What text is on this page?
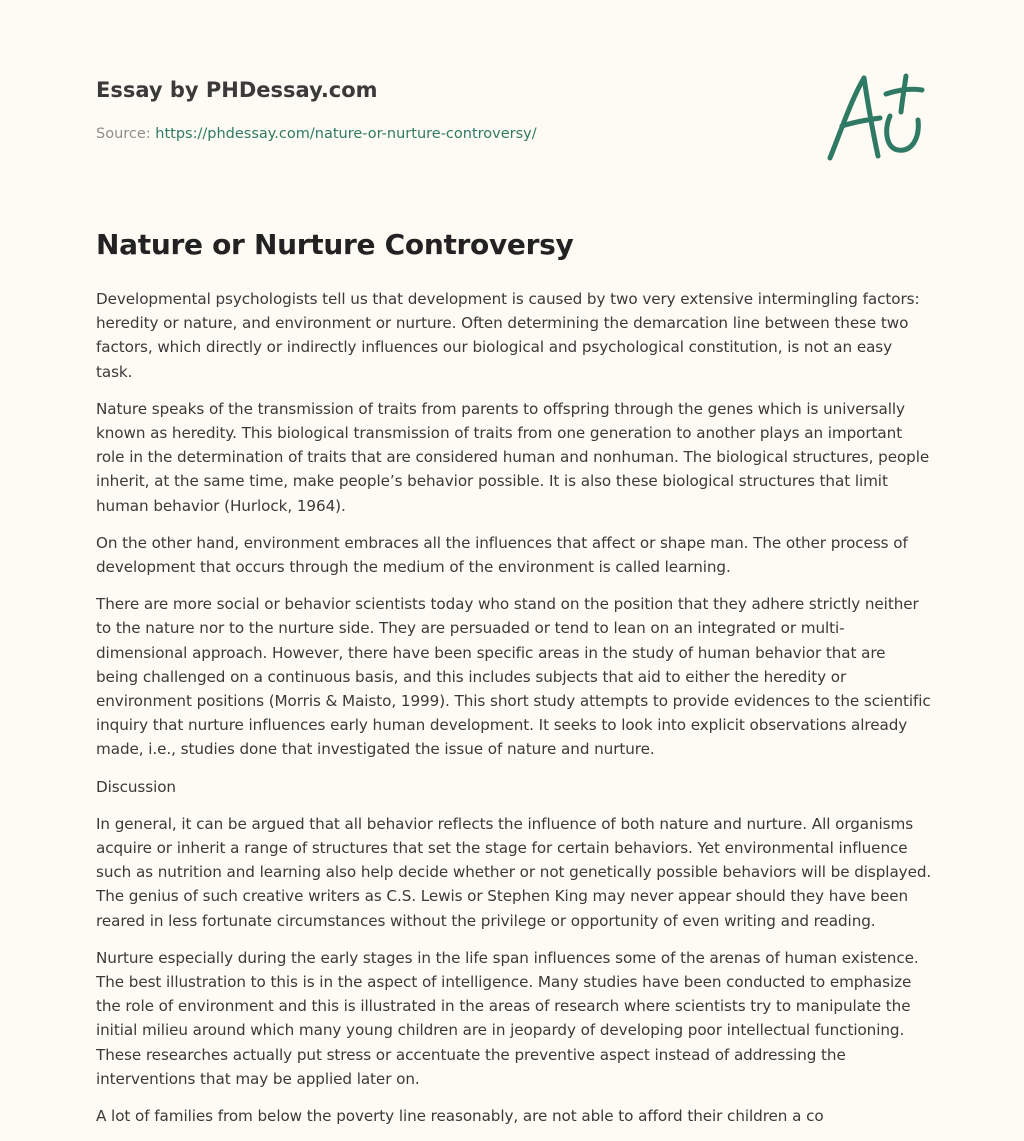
Essay by PHDessay.com
Source: https://phdessay.com/nature-or-nurture-controversy/
Nature or Nurture Controversy

Developmental psychologists tell us that development is caused by two very extensive intermingling factors: heredity or nature, and environment or nurture. Often determining the demarcation line between these two factors, which directly or indirectly influences our biological and psychological constitution, is not an easy task.

Nature speaks of the transmission of traits from parents to offspring through the genes which is universally known as heredity. This biological transmission of traits from one generation to another plays an important role in the determination of traits that are considered human and nonhuman. The biological structures, people inherit, at the same time, make people’s behavior possible. It is also these biological structures that limit human behavior (Hurlock, 1964).

On the other hand, environment embraces all the influences that affect or shape man. The other process of development that occurs through the medium of the environment is called learning.

There are more social or behavior scientists today who stand on the position that they adhere strictly neither to the nature nor to the nurture side. They are persuaded or tend to lean on an integrated or multi-dimensional approach. However, there have been specific areas in the study of human behavior that are being challenged on a continuous basis, and this includes subjects that aid to either the heredity or environment positions (Morris & Maisto, 1999). This short study attempts to provide evidences to the scientific inquiry that nurture influences early human development. It seeks to look into explicit observations already made, i.e., studies done that investigated the issue of nature and nurture.

Discussion

In general, it can be argued that all behavior reflects the influence of both nature and nurture. All organisms acquire or inherit a range of structures that set the stage for certain behaviors. Yet environmental influence such as nutrition and learning also help decide whether or not genetically possible behaviors will be displayed. The genius of such creative writers as C.S. Lewis or Stephen King may never appear should they have been reared in less fortunate circumstances without the privilege or opportunity of even writing and reading.

Nurture especially during the early stages in the life span influences some of the arenas of human existence. The best illustration to this is in the aspect of intelligence. Many studies have been conducted to emphasize the role of environment and this is illustrated in the areas of research where scientists try to manipulate the initial milieu around which many young children are in jeopardy of developing poor intellectual functioning. These researches actually put stress or accentuate the preventive aspect instead of addressing the interventions that may be applied later on.

A lot of families from below the poverty line reasonably, are not able to afford their children a co
